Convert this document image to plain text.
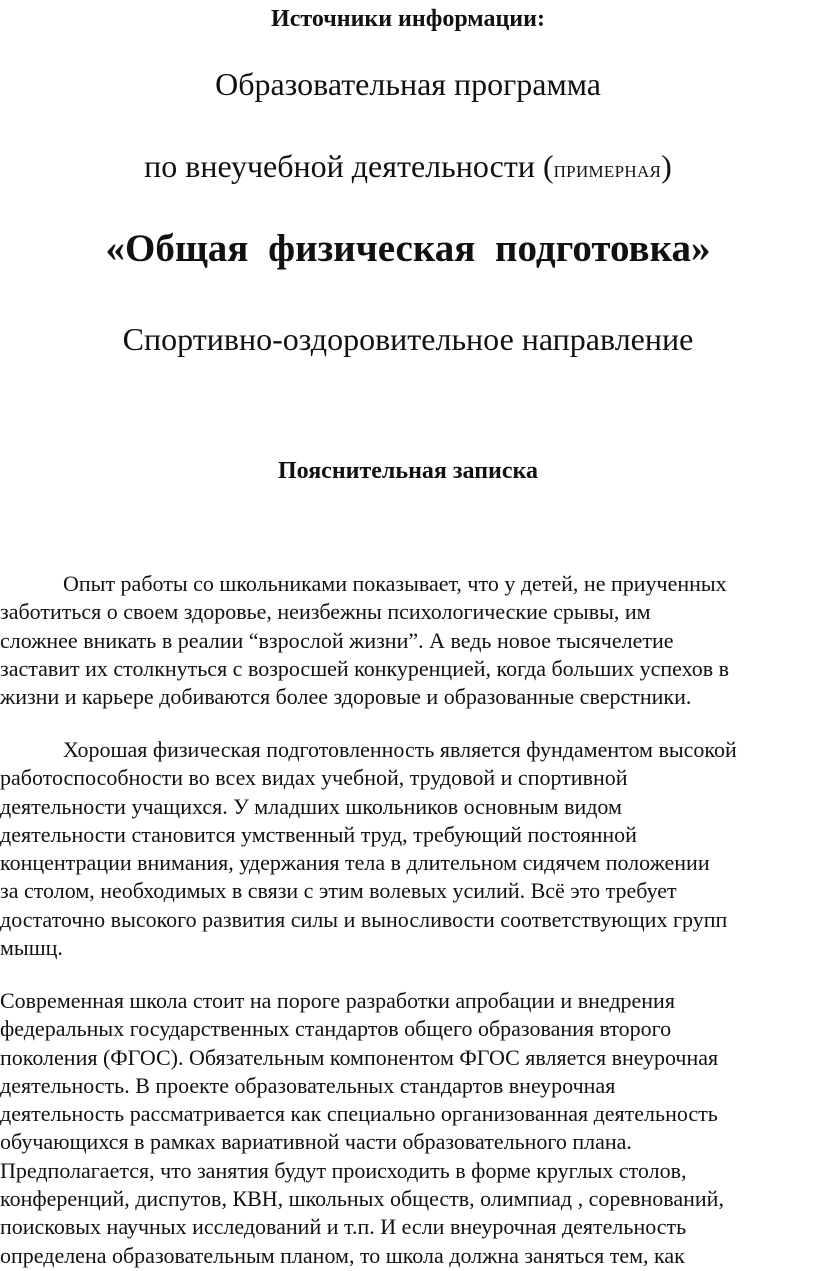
Источники информации:
Образовательная программа
по внеучебной деятельности (ПРИМЕРНАЯ)
«Общая физическая подготовка»
Спортивно-оздоровительное направление
Пояснительная записка
Опыт работы со школьниками показывает, что у детей, не приученных
заботиться о своем здоровье, неизбежны психологические срывы, им
сложнее вникать в реалии “взрослой жизни”. А ведь новое тысячелетие
заставит их столкнуться с возросшей конкуренцией, когда больших успехов в
жизни и карьере добиваются более здоровые и образованные сверстники.
Хорошая физическая подготовленность является фундаментом высокой
работоспособности во всех видах учебной, трудовой и спортивной
деятельности учащихся. У младших школьников основным видом
деятельности становится умственный труд, требующий постоянной
концентрации внимания, удержания тела в длительном сидячем положении
за столом, необходимых в связи с этим волевых усилий. Всё это требует
достаточно высокого развития силы и выносливости соответствующих групп
мышц.
Современная школа стоит на пороге разработки апробации и внедрения
федеральных государственных стандартов общего образования второго
поколения (ФГОС). Обязательным компонентом ФГОС является внеурочная
деятельность. В проекте образовательных стандартов внеурочная
деятельность рассматривается как специально организованная деятельность
обучающихся в рамках вариативной части образовательного плана.
Предполагается, что занятия будут происходить в форме круглых столов,
конференций, диспутов, КВН, школьных обществ, олимпиад , соревнований,
поисковых научных исследований и т.п. И если внеурочная деятельность
определена образовательным планом, то школа должна заняться тем, как
